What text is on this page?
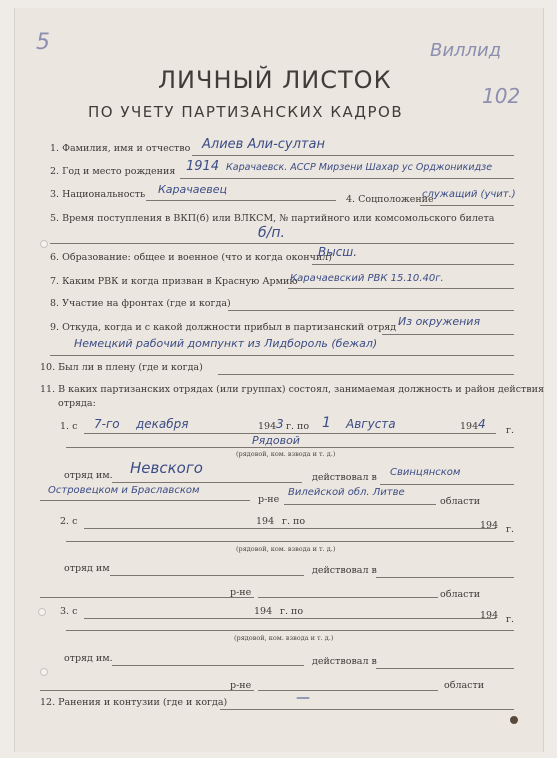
5	Виллид
102
ЛИЧНЫЙ ЛИСТОК
ПО УЧЕТУ ПАРТИЗАНСКИХ КАДРОВ
1. Фамилия, имя и отчество Алиев Али-султан
2. Год и место рождения 1914 Карачаевск. АССР Мирзени Шахар ус Орджоникидзе
3. Национальность Карачаевец
4. Соцположение
служащий (учит.)
5. Время поступления в ВКП(б) или ВЛКСМ, № партийного или комсомольского билета
б/п.
6. Образование: общее и военное (что и когда окончил)
Высш.
7. Каким РВК и когда призван в Красную Армию
Карачаевский РВК 15.10.40г.
8. Участие на фронтах (где и когда)
9. Откуда, когда и с какой должности прибыл в партизанский отряд Из окружения
Немецкий рабочий домпункт из Лидбороль (бежал)
10. Был ли в плену (где и когда)
11. В каких партизанских отрядах (или группах) состоял, занимаемая должность и район действия
отряда:
1. с 7-го декабря	194 3 г. по 1 Августа	194 4 г.
Рядовой
(рядовой, ком. взвода и т. д.)
отряд им. Невского
действовал в Свинцянском
Островецком и Браславском
р-не
Вилейской обл. Литве
области
2. с	194 г. по	194 г.
(рядовой, ком. взвода и т. д.)
отряд им	действовал в
р-не	области
3. с	194 г. по	194 г.
(рядовой, ком. взвода и т. д.)
отряд им.	действовал в
р-не	области
12. Ранения и контузии (где и когда)	—
